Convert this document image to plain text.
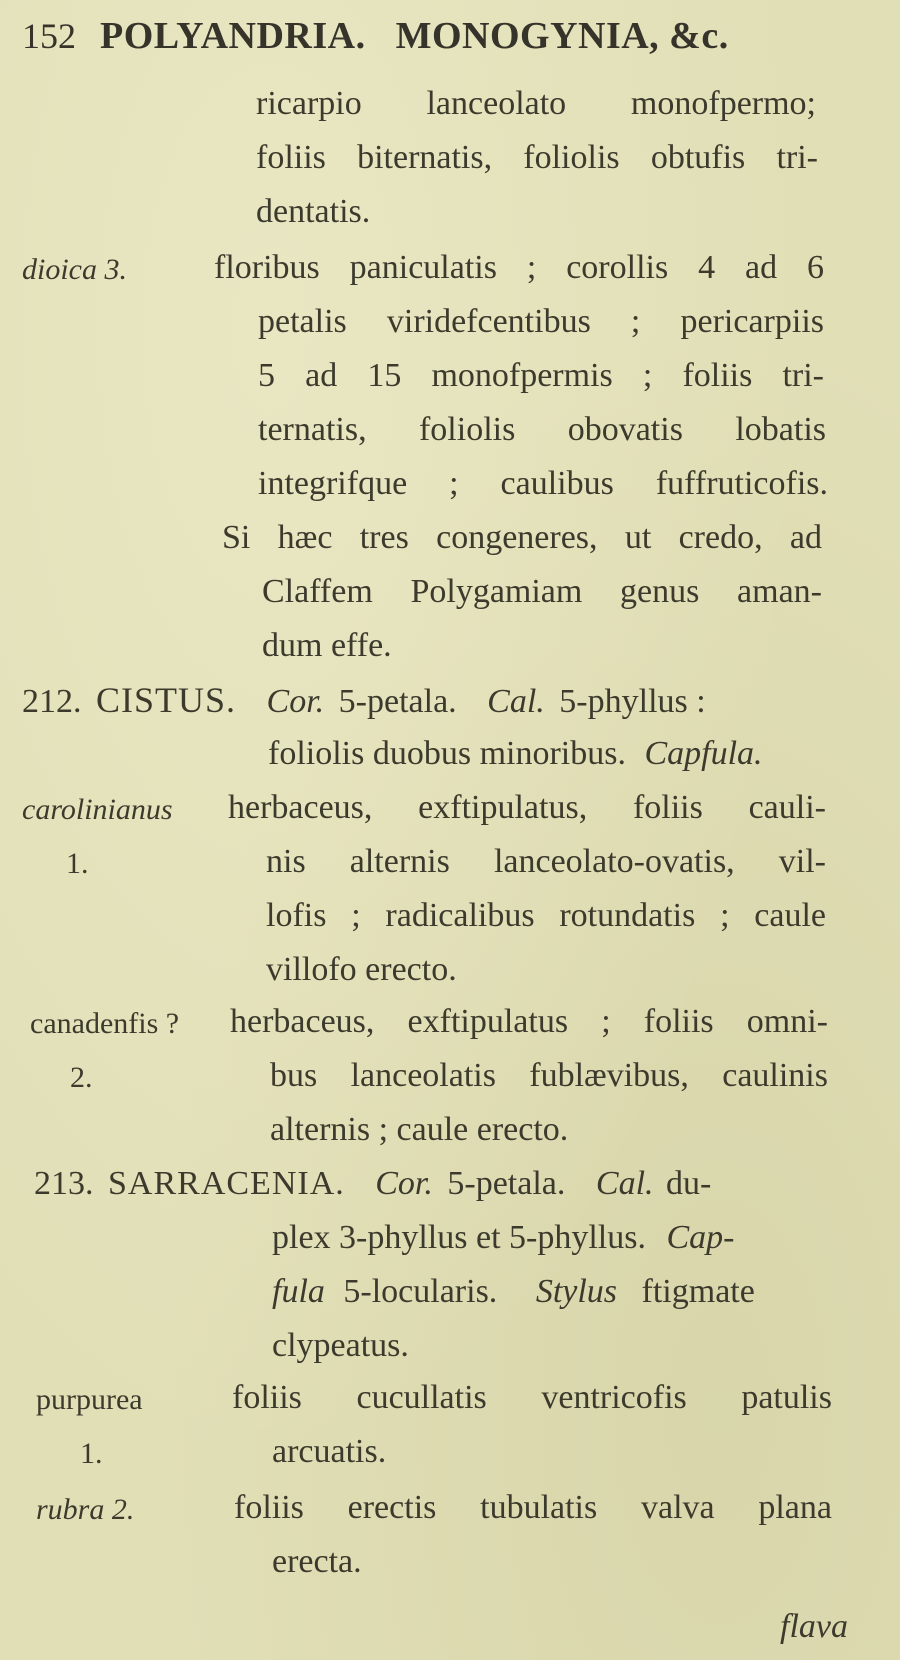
152 POLYANDRIA.   MONOGYNIA, &c.
ricarpio lanceolato monofpermo;
foliis biternatis, foliolis obtufis tri-
dentatis.
dioica 3.	floribus paniculatis ; corollis 4 ad 6
petalis viridefcentibus ; pericarpiis
5 ad 15 monofpermis ; foliis tri-
ternatis, foliolis obovatis lobatis
integrifque ; caulibus fuffruticofis.
Si hæc tres congeneres, ut credo, ad
Claffem Polygamiam genus aman-
dum effe.
212. CISTUS. Cor. 5-petala. Cal. 5-phyllus :
foliolis duobus minoribus. Capfula.
carolinianus
1.
herbaceus, exftipulatus, foliis cauli-
nis alternis lanceolato-ovatis, vil-
lofis ; radicalibus rotundatis ; caule
villofo erecto.
canadenfis ?
2.
herbaceus, exftipulatus ; foliis omni-
bus lanceolatis fublævibus, caulinis
alternis ; caule erecto.
213. SARRACENIA. Cor. 5-petala. Cal. du-
plex 3-phyllus et 5-phyllus. Cap-
fula 5-locularis. Stylus ftigmate
clypeatus.
purpurea
1.
foliis cucullatis ventricofis patulis
arcuatis.
rubra 2.	foliis erectis tubulatis valva plana
erecta.
flava
